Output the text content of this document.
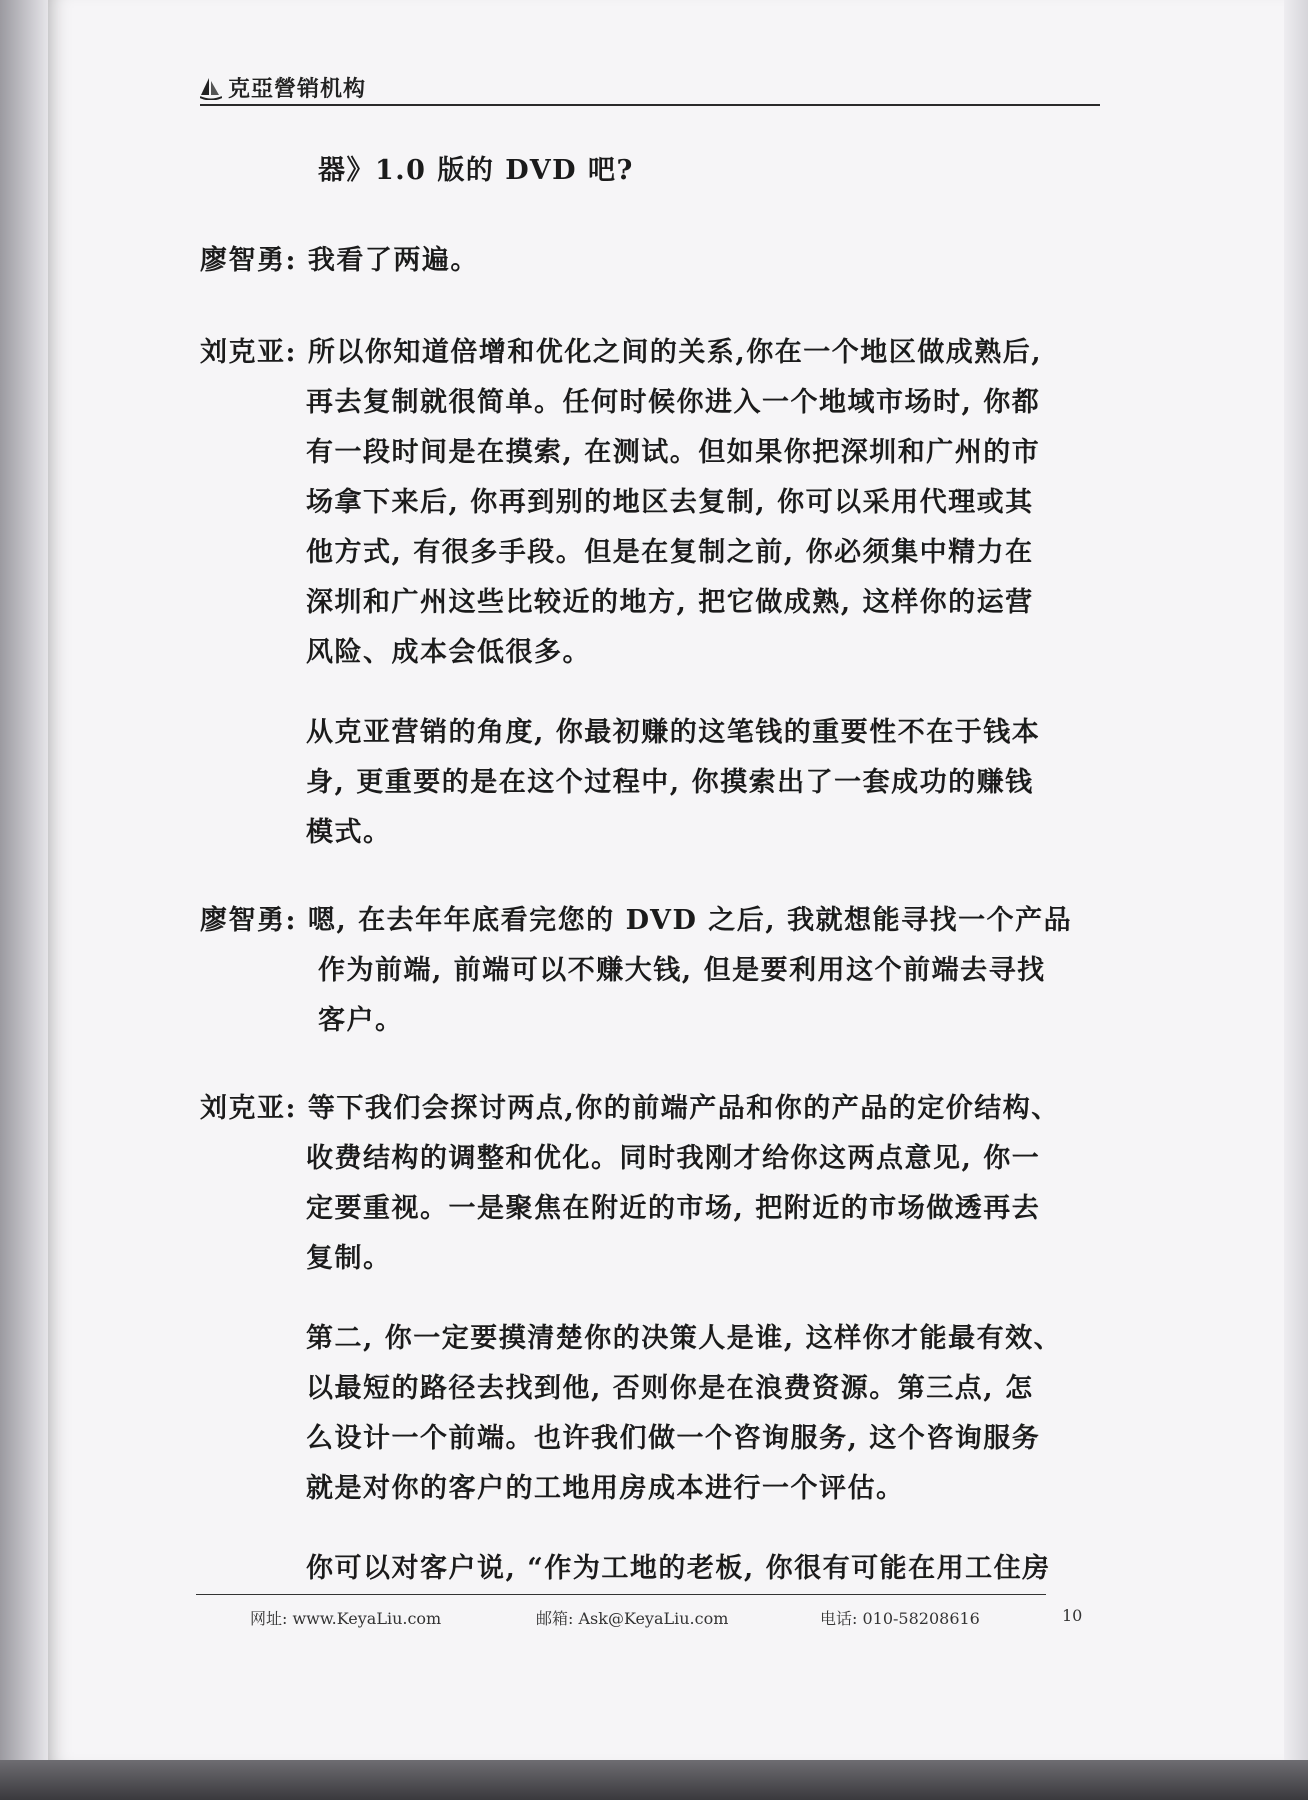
克亞營销机构
器》1.0 版的 DVD 吧?
廖智勇: 我看了两遍。
刘克亚: 所以你知道倍增和优化之间的关系,你在一个地区做成熟后,
再去复制就很简单。任何时候你进入一个地域市场时, 你都
有一段时间是在摸索, 在测试。但如果你把深圳和广州的市
场拿下来后, 你再到别的地区去复制, 你可以采用代理或其
他方式, 有很多手段。但是在复制之前, 你必须集中精力在
深圳和广州这些比较近的地方, 把它做成熟, 这样你的运营
风险、成本会低很多。
从克亚营销的角度, 你最初赚的这笔钱的重要性不在于钱本
身, 更重要的是在这个过程中, 你摸索出了一套成功的赚钱
模式。
廖智勇: 嗯, 在去年年底看完您的 DVD 之后, 我就想能寻找一个产品
作为前端, 前端可以不赚大钱, 但是要利用这个前端去寻找
客户。
刘克亚: 等下我们会探讨两点,你的前端产品和你的产品的定价结构、
收费结构的调整和优化。同时我刚才给你这两点意见, 你一
定要重视。一是聚焦在附近的市场, 把附近的市场做透再去
复制。
第二, 你一定要摸清楚你的决策人是谁, 这样你才能最有效、
以最短的路径去找到他, 否则你是在浪费资源。第三点, 怎
么设计一个前端。也许我们做一个咨询服务, 这个咨询服务
就是对你的客户的工地用房成本进行一个评估。
你可以对客户说, “作为工地的老板, 你很有可能在用工住房
网址: www.KeyaLiu.com	邮箱: Ask@KeyaLiu.com	电话: 010-58208616	10
